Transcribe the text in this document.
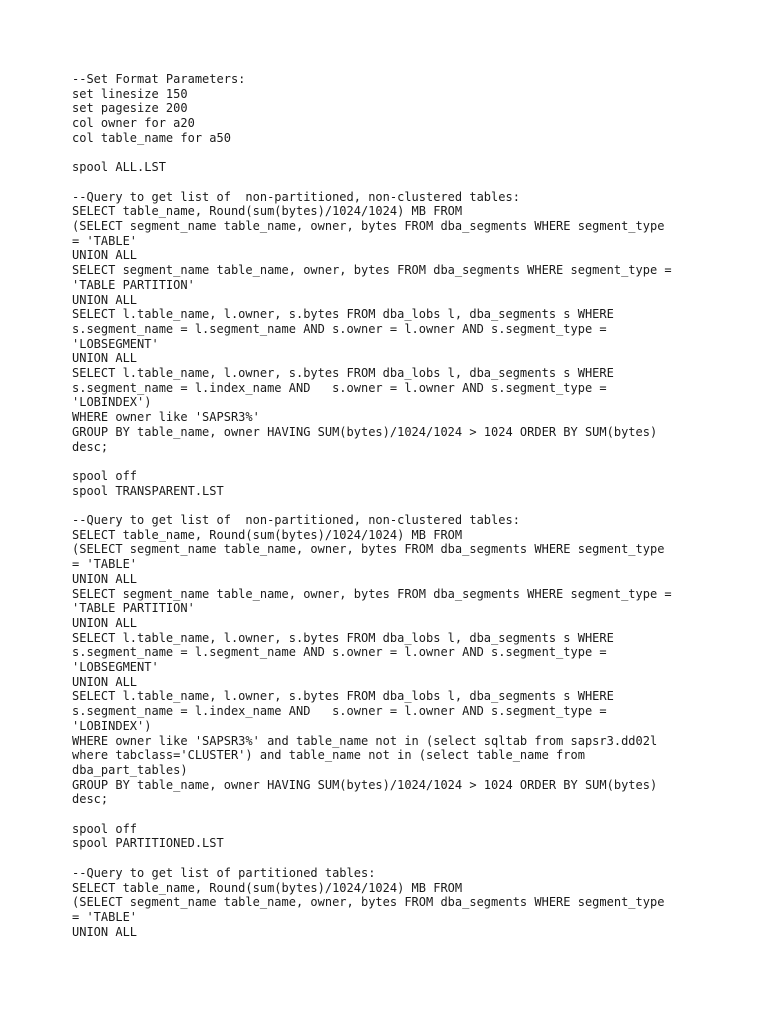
--Set Format Parameters:
set linesize 150
set pagesize 200
col owner for a20
col table_name for a50
spool ALL.LST
--Query to get list of  non-partitioned, non-clustered tables:
SELECT table_name, Round(sum(bytes)/1024/1024) MB FROM
(SELECT segment_name table_name, owner, bytes FROM dba_segments WHERE segment_type
= 'TABLE'
UNION ALL
SELECT segment_name table_name, owner, bytes FROM dba_segments WHERE segment_type =
'TABLE PARTITION'
UNION ALL
SELECT l.table_name, l.owner, s.bytes FROM dba_lobs l, dba_segments s WHERE
s.segment_name = l.segment_name AND s.owner = l.owner AND s.segment_type =
'LOBSEGMENT'
UNION ALL
SELECT l.table_name, l.owner, s.bytes FROM dba_lobs l, dba_segments s WHERE
s.segment_name = l.index_name AND   s.owner = l.owner AND s.segment_type =
'LOBINDEX')
WHERE owner like 'SAPSR3%'
GROUP BY table_name, owner HAVING SUM(bytes)/1024/1024 > 1024 ORDER BY SUM(bytes)
desc;
spool off
spool TRANSPARENT.LST
--Query to get list of  non-partitioned, non-clustered tables:
SELECT table_name, Round(sum(bytes)/1024/1024) MB FROM
(SELECT segment_name table_name, owner, bytes FROM dba_segments WHERE segment_type
= 'TABLE'
UNION ALL
SELECT segment_name table_name, owner, bytes FROM dba_segments WHERE segment_type =
'TABLE PARTITION'
UNION ALL
SELECT l.table_name, l.owner, s.bytes FROM dba_lobs l, dba_segments s WHERE
s.segment_name = l.segment_name AND s.owner = l.owner AND s.segment_type =
'LOBSEGMENT'
UNION ALL
SELECT l.table_name, l.owner, s.bytes FROM dba_lobs l, dba_segments s WHERE
s.segment_name = l.index_name AND   s.owner = l.owner AND s.segment_type =
'LOBINDEX')
WHERE owner like 'SAPSR3%' and table_name not in (select sqltab from sapsr3.dd02l
where tabclass='CLUSTER') and table_name not in (select table_name from
dba_part_tables)
GROUP BY table_name, owner HAVING SUM(bytes)/1024/1024 > 1024 ORDER BY SUM(bytes)
desc;
spool off
spool PARTITIONED.LST
--Query to get list of partitioned tables:
SELECT table_name, Round(sum(bytes)/1024/1024) MB FROM
(SELECT segment_name table_name, owner, bytes FROM dba_segments WHERE segment_type
= 'TABLE'
UNION ALL
